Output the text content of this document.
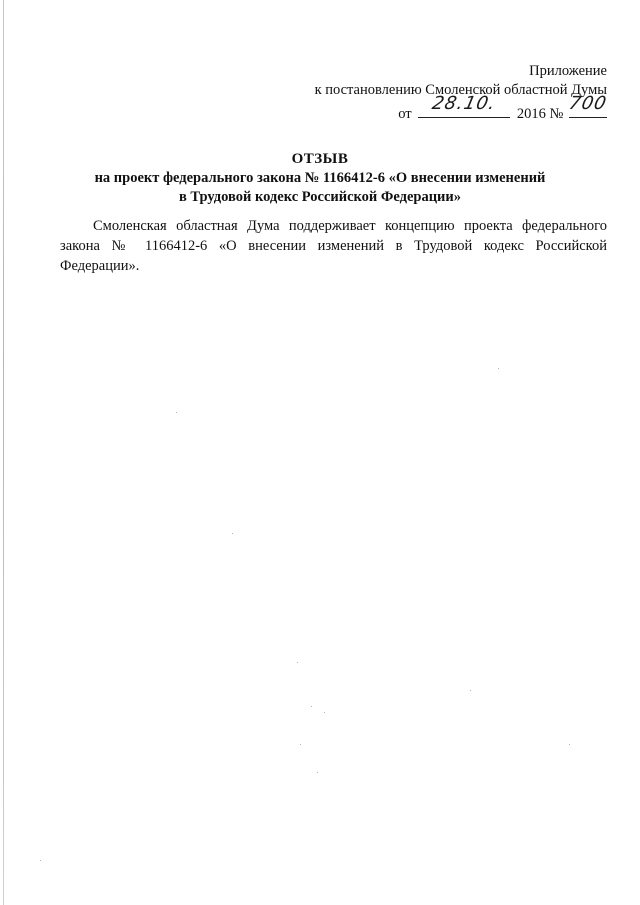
Приложение
к постановлению Смоленской областной Думы
от	28.10.	2016 № 700
ОТЗЫВ
на проект федерального закона № 1166412-6 «О внесении изменений
в Трудовой кодекс Российской Федерации»
Смоленская областная Дума поддерживает концепцию проекта федерального закона № 1166412-6 «О внесении изменений в Трудовой кодекс Российской Федерации».
